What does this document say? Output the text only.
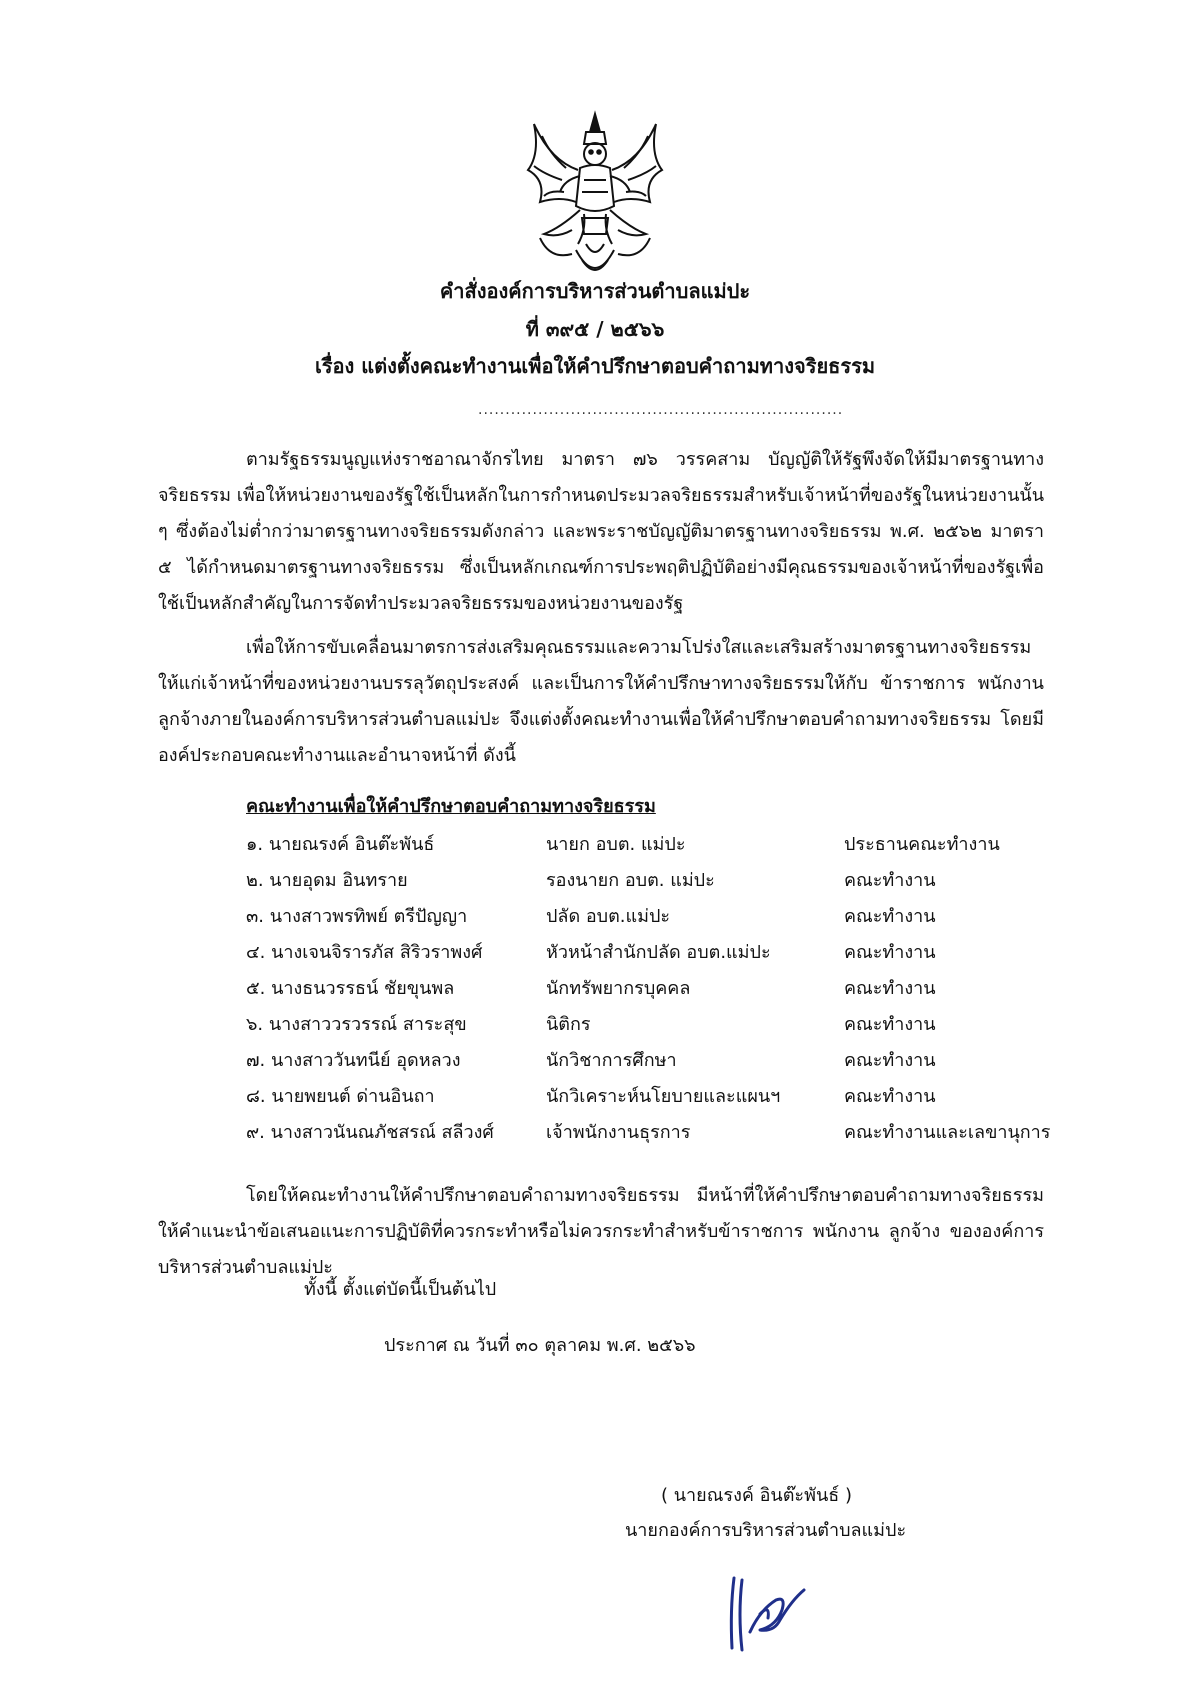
คำสั่งองค์การบริหารส่วนตำบลแม่ปะ
ที่ ๓๙๕ / ๒๕๖๖
เรื่อง แต่งตั้งคณะทำงานเพื่อให้คำปรึกษาตอบคำถามทางจริยธรรม
...................................................................
ตามรัฐธรรมนูญแห่งราชอาณาจักรไทย มาตรา ๗๖ วรรคสาม บัญญัติให้รัฐพึงจัดให้มีมาตรฐานทางจริยธรรม เพื่อให้หน่วยงานของรัฐใช้เป็นหลักในการกำหนดประมวลจริยธรรมสำหรับเจ้าหน้าที่ของรัฐในหน่วยงานนั้น ๆ ซึ่งต้องไม่ต่ำกว่ามาตรฐานทางจริยธรรมดังกล่าว และพระราชบัญญัติมาตรฐานทางจริยธรรม พ.ศ. ๒๕๖๒ มาตรา ๕ ได้กำหนดมาตรฐานทางจริยธรรม ซึ่งเป็นหลักเกณฑ์การประพฤติปฏิบัติอย่างมีคุณธรรมของเจ้าหน้าที่ของรัฐเพื่อใช้เป็นหลักสำคัญในการจัดทำประมวลจริยธรรมของหน่วยงานของรัฐ
เพื่อให้การขับเคลื่อนมาตรการส่งเสริมคุณธรรมและความโปร่งใสและเสริมสร้างมาตรฐานทางจริยธรรมให้แก่เจ้าหน้าที่ของหน่วยงานบรรลุวัตถุประสงค์ และเป็นการให้คำปรึกษาทางจริยธรรมให้กับ ข้าราชการ พนักงาน ลูกจ้างภายในองค์การบริหารส่วนตำบลแม่ปะ จึงแต่งตั้งคณะทำงานเพื่อให้คำปรึกษาตอบคำถามทางจริยธรรม โดยมีองค์ประกอบคณะทำงานและอำนาจหน้าที่ ดังนี้
คณะทำงานเพื่อให้คำปรึกษาตอบคำถามทางจริยธรรม
๑. นายณรงค์ อินต๊ะพันธ์	นายก อบต. แม่ปะ	ประธานคณะทำงาน
๒. นายอุดม อินทราย	รองนายก อบต. แม่ปะ	คณะทำงาน
๓. นางสาวพรทิพย์ ตรีปัญญา	ปลัด อบต.แม่ปะ	คณะทำงาน
๔. นางเจนจิรารภัส สิริวราพงศ์	หัวหน้าสำนักปลัด อบต.แม่ปะ	คณะทำงาน
๕. นางธนวรรธน์ ชัยขุนพล	นักทรัพยากรบุคคล	คณะทำงาน
๖. นางสาววรวรรณ์ สาระสุข	นิติกร	คณะทำงาน
๗. นางสาววันทนีย์ อุดหลวง	นักวิชาการศึกษา	คณะทำงาน
๘. นายพยนต์ ด่านอินถา	นักวิเคราะห์นโยบายและแผนฯ	คณะทำงาน
๙. นางสาวนันณภัชสรณ์ สลีวงศ์	เจ้าพนักงานธุรการ	คณะทำงานและเลขานุการ
โดยให้คณะทำงานให้คำปรึกษาตอบคำถามทางจริยธรรม มีหน้าที่ให้คำปรึกษาตอบคำถามทางจริยธรรมให้คำแนะนำข้อเสนอแนะการปฏิบัติที่ควรกระทำหรือไม่ควรกระทำสำหรับข้าราชการ พนักงาน ลูกจ้าง ขององค์การบริหารส่วนตำบลแม่ปะ
ทั้งนี้ ตั้งแต่บัดนี้เป็นต้นไป
ประกาศ ณ วันที่ ๓๐ ตุลาคม พ.ศ. ๒๕๖๖
( นายณรงค์ อินต๊ะพันธ์ )
นายกองค์การบริหารส่วนตำบลแม่ปะ
